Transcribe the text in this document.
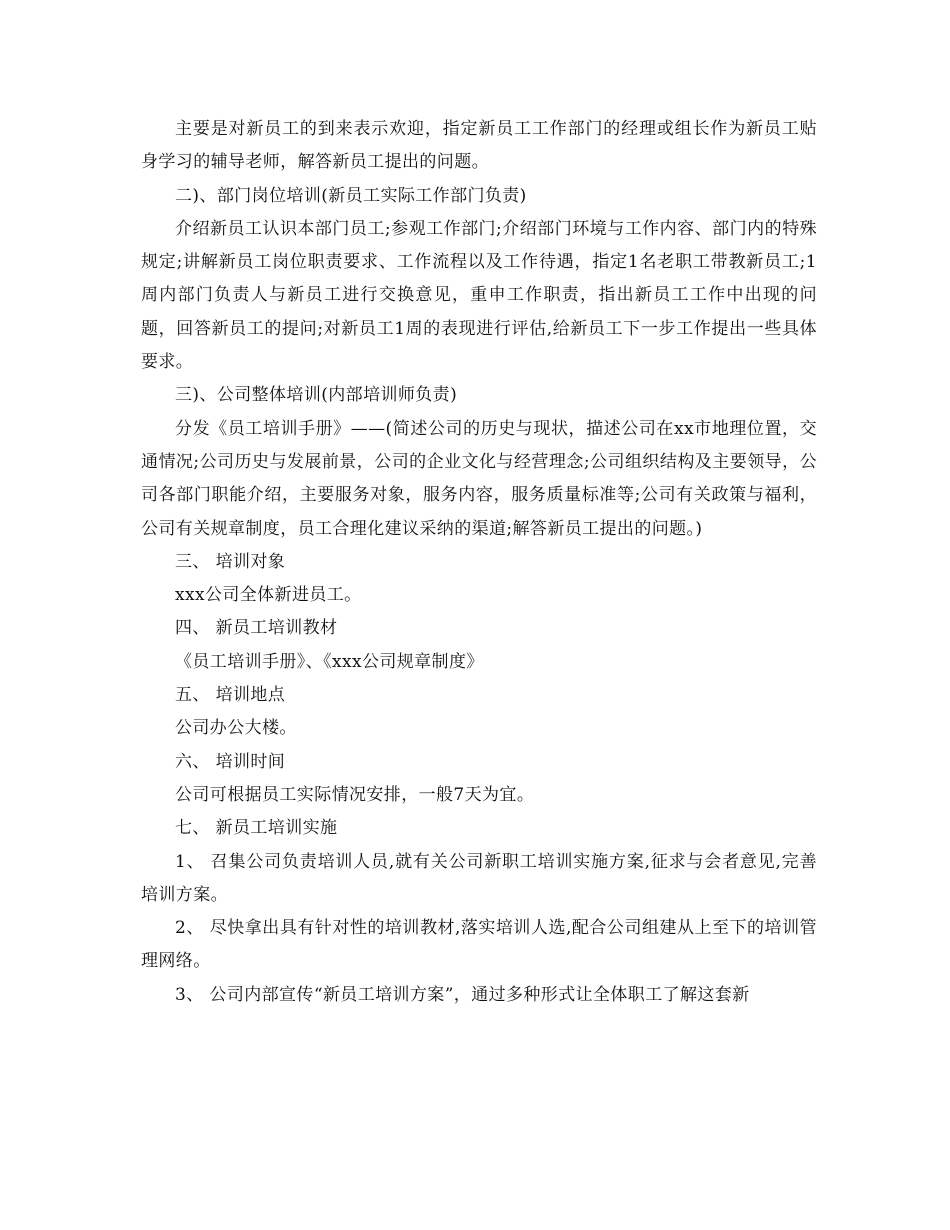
主要是对新员工的到来表示欢迎，指定新员工工作部门的经理或组长作为新员工贴身学习的辅导老师，解答新员工提出的问题。

二)、部门岗位培训(新员工实际工作部门负责)

介绍新员工认识本部门员工;参观工作部门;介绍部门环境与工作内容、部门内的特殊规定;讲解新员工岗位职责要求、工作流程以及工作待遇，指定1名老职工带教新员工;1周内部门负责人与新员工进行交换意见，重申工作职责，指出新员工工作中出现的问题，回答新员工的提问;对新员工1周的表现进行评估,给新员工下一步工作提出一些具体要求。

三)、公司整体培训(内部培训师负责)

分发《员工培训手册》——(简述公司的历史与现状，描述公司在xx市地理位置，交通情况;公司历史与发展前景，公司的企业文化与经营理念;公司组织结构及主要领导，公司各部门职能介绍，主要服务对象，服务内容，服务质量标准等;公司有关政策与福利，公司有关规章制度，员工合理化建议采纳的渠道;解答新员工提出的问题。)

三、 培训对象

xxx公司全体新进员工。

四、 新员工培训教材

《员工培训手册》、《xxx公司规章制度》

五、 培训地点

公司办公大楼。

六、 培训时间

公司可根据员工实际情况安排，一般7天为宜。

七、 新员工培训实施

1、 召集公司负责培训人员,就有关公司新职工培训实施方案,征求与会者意见,完善培训方案。

2、 尽快拿出具有针对性的培训教材,落实培训人选,配合公司组建从上至下的培训管理网络。

3、 公司内部宣传“新员工培训方案”，通过多种形式让全体职工了解这套新
